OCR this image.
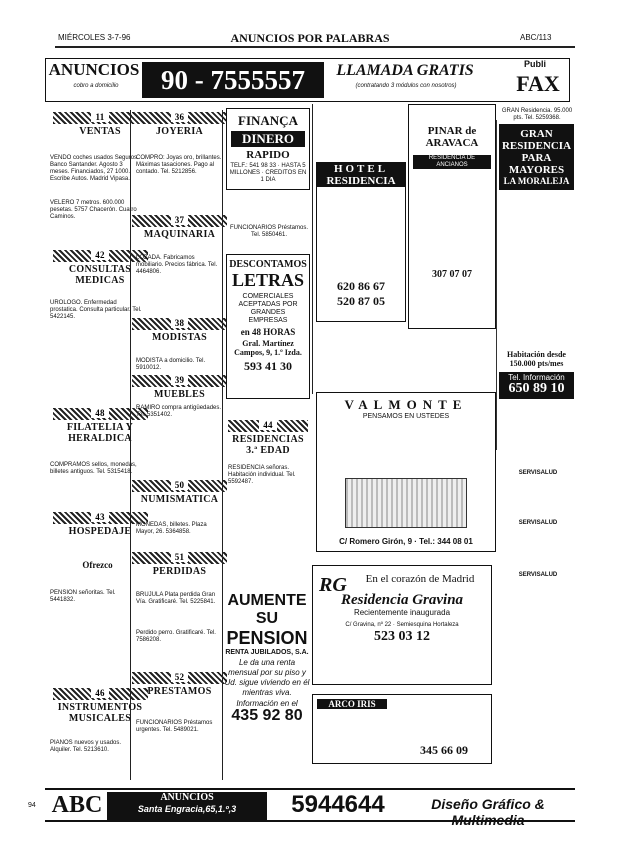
MIÉRCOLES 3-7-96	ANUNCIOS POR PALABRAS	ABC/113
ANUNCIOS
cobro a domicilio	90 - 7555557	LLAMADA GRATIS
(contratando 3 módulos con nosotros)
Publi
FAX
11
VENTAS
VENDO coches usados Seguros. Banco Santander. Agosto 3 meses. Financiados, 27 1000. Escribe Autos. Madrid Vipasa.
VELERO 7 metros. 600.000 pesetas. 5757 Chacerón. Cuatro Caminos.
42
CONSULTAS MEDICAS
UROLOGO. Enfermedad prostatica. Consulta particular. Tel. 5422145.
48
FILATELIA Y HERALDICA
COMPRAMOS sellos, monedas, billetes antiguos. Tel. 5315418.
43
HOSPEDAJE
Ofrezco
PENSION señoritas. Tel. 5441832.
46
INSTRUMENTOS MUSICALES
PIANOS nuevos y usados. Alquiler. Tel. 5213610.
36
JOYERIA
COMPRO: Joyas oro, brillantes. Máximas tasaciones. Pago al contado. Tel. 5212856.
37
MAQUINARIA
LOZADA. Fabricamos mobiliario. Precios fábrica. Tel. 4464806.
38
MODISTAS
MODISTA a domicilio. Tel. 5910012.
39
MUEBLES
RAMIRO compra antigüedades. Tel. 5351402.
50
NUMISMATICA
MONEDAS, billetes. Plaza Mayor, 26. 5364858.
51
PERDIDAS
BRUJULA Plata perdida Gran Vía. Gratificaré. Tel. 5225841.
Perdido perro. Gratificaré. Tel. 7586208.
52
PRESTAMOS
FUNCIONARIOS Préstamos urgentes. Tel. 5489021.
FINANÇA
DINERO
RAPIDO
TELF.: 541 98 33 · HASTA 5 MILLONES · CREDITOS EN 1 DIA
FUNCIONARIOS Préstamos. Tel. 5850461.
DESCONTAMOS
LETRAS
COMERCIALES ACEPTADAS POR GRANDES EMPRESAS
en 48 HORAS
Gral. Martínez Campos, 9, 1.º Izda.
593 41 30
44
RESIDENCIAS 3.ª EDAD
RESIDENCIA señoras. Habitación individual. Tel. 5592487.
AUMENTE
SU
PENSION
RENTA JUBILADOS, S.A.
Le da una renta mensual por su piso y Ud. sigue viviendo en él mientras viva.
Información en el
435 92 80
HOTEL
RESIDENCIA
620 86 67
520 87 05
PINAR de ARAVACA
RESIDENCIA DE ANCIANOS
307 07 07
GRAN Residencia. 95.000 pts. Tel. 5259368.
GRAN
RESIDENCIA
PARA
MAYORES
LA MORALEJA
Habitación desde 150.000 pts/mes
Tel. Información
650 89 10
VALMONTE
PENSAMOS EN USTEDES
C/ Romero Girón, 9 · Tel.: 344 08 01
RG	En el corazón de Madrid
Residencia Gravina
Recientemente inaugurada
C/ Gravina, nº 22 · Semiesquina Hortaleza
523 03 12
ARCO IRIS
345 66 09
SERVISALUD
SERVISALUD
SERVISALUD
ABC	ANUNCIOS
Santa Engracia,65,1.º,3	5944644	Diseño Gráfico & Multimedia
94
